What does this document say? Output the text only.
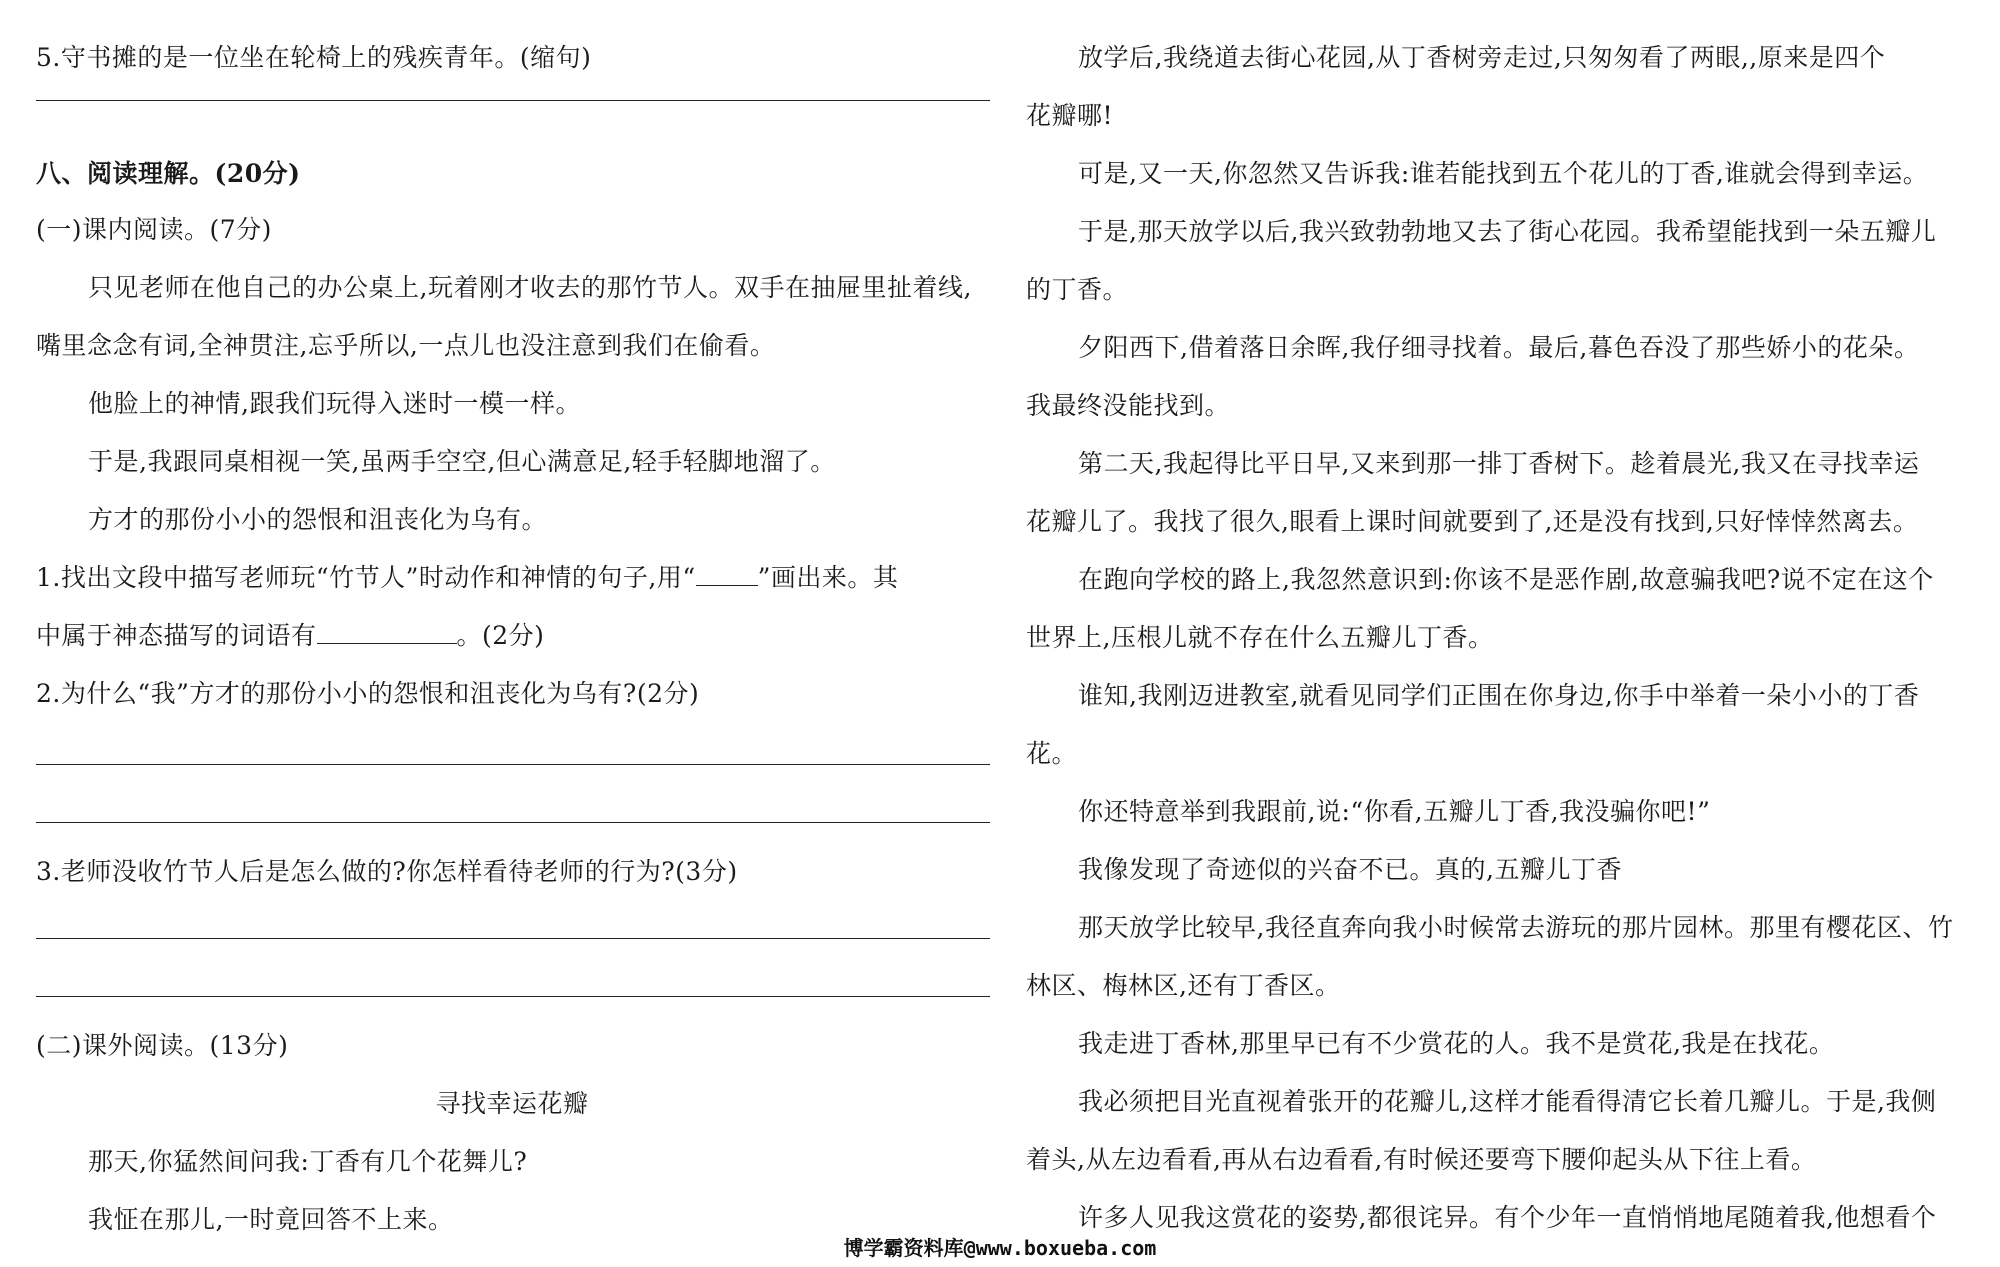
5.守书摊的是一位坐在轮椅上的残疾青年。(缩句)
八、阅读理解。(20分)
(一)课内阅读。(7分)
只见老师在他自己的办公桌上,玩着刚才收去的那竹节人。双手在抽屉里扯着线,
嘴里念念有词,全神贯注,忘乎所以,一点儿也没注意到我们在偷看。
他脸上的神情,跟我们玩得入迷时一模一样。
于是,我跟同桌相视一笑,虽两手空空,但心满意足,轻手轻脚地溜了。
方才的那份小小的怨恨和沮丧化为乌有。
1.找出文段中描写老师玩“竹节人”时动作和神情的句子,用“ ”画出来。其
中属于神态描写的词语有	。(2分)
2.为什么“我”方才的那份小小的怨恨和沮丧化为乌有?(2分)
3.老师没收竹节人后是怎么做的?你怎样看待老师的行为?(3分)
(二)课外阅读。(13分)
寻找幸运花瓣
那天,你猛然间问我:丁香有几个花舞儿?
我怔在那儿,一时竟回答不上来。
放学后,我绕道去街心花园,从丁香树旁走过,只匆匆看了两眼,,原来是四个
花瓣哪!
可是,又一天,你忽然又告诉我:谁若能找到五个花儿的丁香,谁就会得到幸运。
于是,那天放学以后,我兴致勃勃地又去了街心花园。我希望能找到一朵五瓣儿
的丁香。
夕阳西下,借着落日余晖,我仔细寻找着。最后,暮色吞没了那些娇小的花朵。
我最终没能找到。
第二天,我起得比平日早,又来到那一排丁香树下。趁着晨光,我又在寻找幸运
花瓣儿了。我找了很久,眼看上课时间就要到了,还是没有找到,只好悻悻然离去。
在跑向学校的路上,我忽然意识到:你该不是恶作剧,故意骗我吧?说不定在这个
世界上,压根儿就不存在什么五瓣儿丁香。
谁知,我刚迈进教室,就看见同学们正围在你身边,你手中举着一朵小小的丁香
花。
你还特意举到我跟前,说:“你看,五瓣儿丁香,我没骗你吧!”
我像发现了奇迹似的兴奋不已。真的,五瓣儿丁香
那天放学比较早,我径直奔向我小时候常去游玩的那片园林。那里有樱花区、竹
林区、梅林区,还有丁香区。
我走进丁香林,那里早已有不少赏花的人。我不是赏花,我是在找花。
我必须把目光直视着张开的花瓣儿,这样才能看得清它长着几瓣儿。于是,我侧
着头,从左边看看,再从右边看看,有时候还要弯下腰仰起头从下往上看。
许多人见我这赏花的姿势,都很诧异。有个少年一直悄悄地尾随着我,他想看个
博学霸资料库@www.boxueba.com
